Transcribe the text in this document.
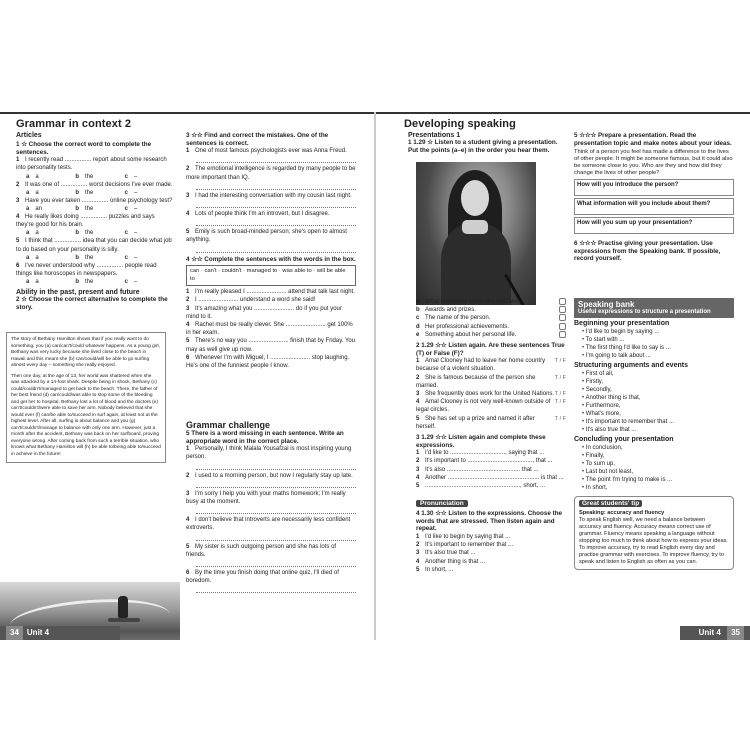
Grammar in context 2
Articles
1 ☆ Choose the correct word to complete the sentences.
1 I recently read ................ report about some research into personality tests.
a a	b the	c –
2 It was one of ................ worst decisions I've ever made.
a a	b the	c –
3 Have you ever taken ................ online psychology test?
a an	b the	c –
4 He really likes doing ................ puzzles and says they're good for his brain.
a a	b the	c –
5 I think that ................ idea that you can decide what job to do based on your personality is silly.
a a	b the	c –
6 I've never understood why ................ people read things like horoscopes in newspapers.
a a	b the	c –
Ability in the past, present and future
2 ☆ Choose the correct alternative to complete the story.

The story of Bethany Hamilton shows that if you really want to do something, you (a) can/can't/could whatever happens. As a young girl, Bethany was very lucky because she lived close to the beach in Hawaii and this meant she (b) can/could/will be able to go surfing almost every day – something she really enjoyed.

Then one day, at the age of 13, her world was shattered when she was attacked by a 14-foot shark. Despite being in shock, Bethany (c) could/couldn't/managed to get back to the beach. There, the father of her best friend (d) can/could/was able to stop some of the bleeding and get her to hospital. Bethany lost a lot of blood and the doctors (e) can't/couldn't/were able to save her arm. Nobody believed that she would ever (f) can/be able to/succeed in surf again, at least not at the highest level. After all, surfing is about balance and you (g) can't/couldn't/manage to balance with only one arm. However, just a month after the accident, Bethany was back on her surfboard, proving everyone wrong. After coming back from such a terrible situation, who knows what Bethany Hamilton will (h) be able to/being able to/succeed in achieve in the future!

3 ☆☆ Find and correct the mistakes. One of the sentences is correct.
1 One of most famous psychologists ever was Anna Freud.
2 The emotional intelligence is regarded by many people to be more important than IQ.
3 I had the interesting conversation with my cousin last night.
4 Lots of people think I'm an introvert, but I disagree.
5 Emily is such broad-minded person; she's open to almost anything.
4 ☆☆ Complete the sentences with the words in the box.
can · can't · couldn't · managed to · was able to · will be able to
1 I'm really pleased I ........................ attend that talk last night.
2 I ........................ understand a word she said!
3 It's amazing what you ........................ do if you put your mind to it.
4 Rachel must be really clever. She ........................ get 100% in her exam.
5 There's no way you ........................ finish that by Friday. You may as well give up now.
6 Whenever I'm with Miguel, I ........................ stop laughing. He's one of the funniest people I know.
Grammar challenge
5 There is a word missing in each sentence. Write an appropriate word in the correct place.
1 Personally, I think Malala Yousafzai is most inspiring young person.
2 I used to a morning person, but now I regularly stay up late.
3 I'm sorry I help you with your maths homework; I'm really busy at the moment.
4 I don't believe that introverts are necessarily less confident extroverts.
5 My sister is such outgoing person and she has lots of friends.
6 By the time you finish doing that online quiz, I'll died of boredom.
34 Unit 4
Developing speaking
Presentations 1
1 1.29 ☆ Listen to a student giving a presentation. Put the points (a–e) in the order you hear them.
a What happened when she was two.
b Awards and prizes.
c The name of the person.
d Her professional achievements.
e Something about her personal life.
2 1.29 ☆☆ Listen again. Are these sentences True (T) or False (F)?
T / F
1 Amal Clooney had to leave her home country because of a violent situation.
T / F
2 She is famous because of the person she married.
T / F
3 She frequently does work for the United Nations.
T / F
4 Amal Clooney is not very well-known outside of legal circles.
T / F
5 She has set up a prize and named it after herself.
3 1.29 ☆☆ Listen again and complete these expressions.
1 I'd like to ................................., saying that ...
2 It's important to ......................................., that ...
3 It's also ............................................ that ...
4 Another ....................................................... is that ...
5 ........................................................., short, ...
Pronunciation
4 1.30 ☆☆ Listen to the expressions. Choose the words that are stressed. Then listen again and repeat.
1 I'd like to begin by saying that ...
2 It's important to remember that ...
3 It's also true that ...
4 Another thing is that ...
5 In short, ...
5 ☆☆☆ Prepare a presentation. Read the presentation topic and make notes about your ideas.
Think of a person you feel has made a difference to the lives of other people. It might be someone famous, but it could also be someone close to you. Who are they and how did they change the lives of other people?
How will you introduce the person?
What information will you include about them?
How will you sum up your presentation?
6 ☆☆☆ Practise giving your presentation. Use expressions from the Speaking bank. If possible, record yourself.
Speaking bank
Useful expressions to structure a presentation
Beginning your presentation
• I'd like to begin by saying ...
• To start with ...
• The first thing I'd like to say is ...
• I'm going to talk about ...
Structuring arguments and events
• First of all,
• Firstly,
• Secondly,
• Another thing is that,
• Furthermore,
• What's more,
• It's important to remember that ...
• It's also true that ...
Concluding your presentation
• In conclusion,
• Finally,
• To sum up,
• Last but not least,
• The point I'm trying to make is ...
• In short,
Great students' tip
Speaking: accuracy and fluency
To speak English well, we need a balance between accuracy and fluency. Accuracy means correct use of grammar. Fluency means speaking a language without stopping too much to think about how to express your ideas. To improve accuracy, try to read English every day and practise grammar with exercises. To improve fluency, try to speak and listen to English as often as you can.
Unit 4 35
